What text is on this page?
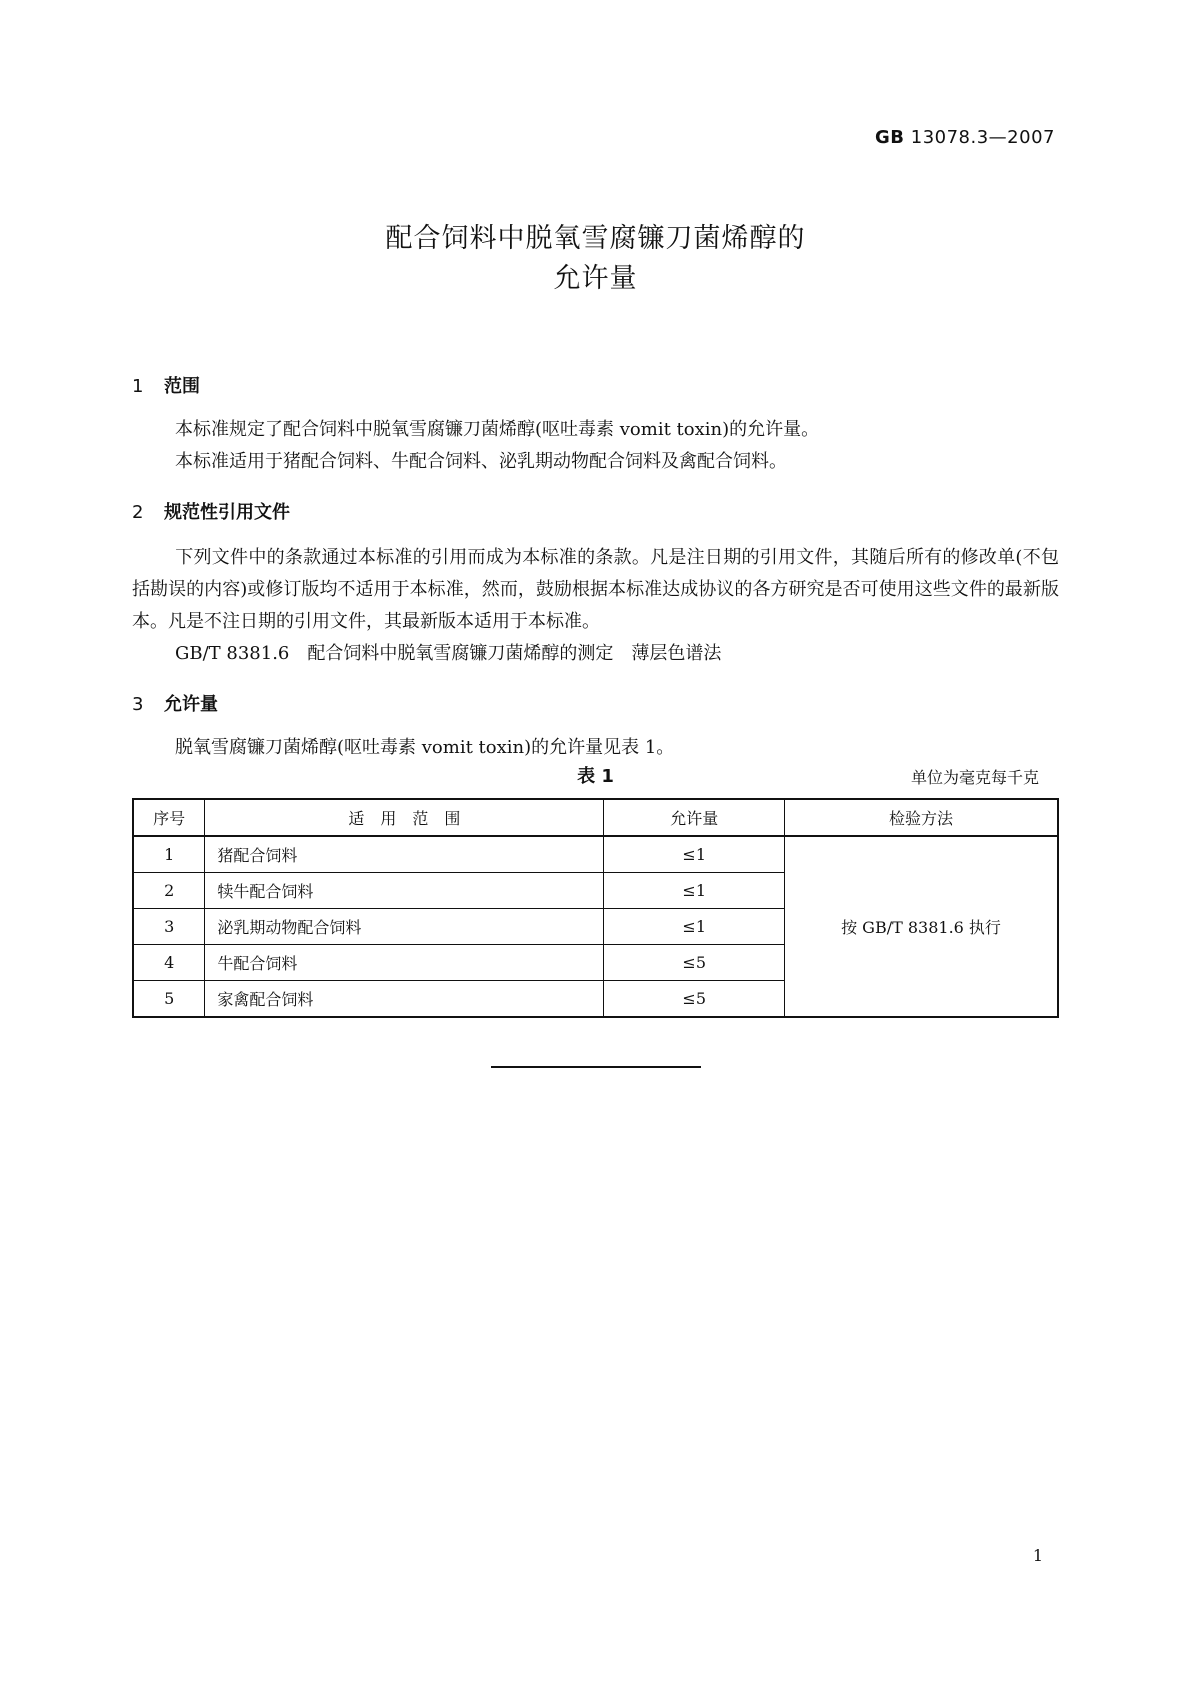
GB 13078.3—2007
配合饲料中脱氧雪腐镰刀菌烯醇的
允许量
1 范围
本标准规定了配合饲料中脱氧雪腐镰刀菌烯醇(呕吐毒素 vomit toxin)的允许量。
本标准适用于猪配合饲料、牛配合饲料、泌乳期动物配合饲料及禽配合饲料。
2 规范性引用文件
下列文件中的条款通过本标准的引用而成为本标准的条款。凡是注日期的引用文件，其随后所有的修改单(不包括勘误的内容)或修订版均不适用于本标准，然而，鼓励根据本标准达成协议的各方研究是否可使用这些文件的最新版本。凡是不注日期的引用文件，其最新版本适用于本标准。
GB/T 8381.6　配合饲料中脱氧雪腐镰刀菌烯醇的测定　薄层色谱法
3 允许量
脱氧雪腐镰刀菌烯醇(呕吐毒素 vomit toxin)的允许量见表 1。
表 1	单位为毫克每千克
序号	适　用　范　围	允许量	检验方法
1	猪配合饲料	≤1	按 GB/T 8381.6 执行
2	犊牛配合饲料	≤1	
3	泌乳期动物配合饲料	≤1	
4	牛配合饲料	≤5	
5	家禽配合饲料	≤5	
1
